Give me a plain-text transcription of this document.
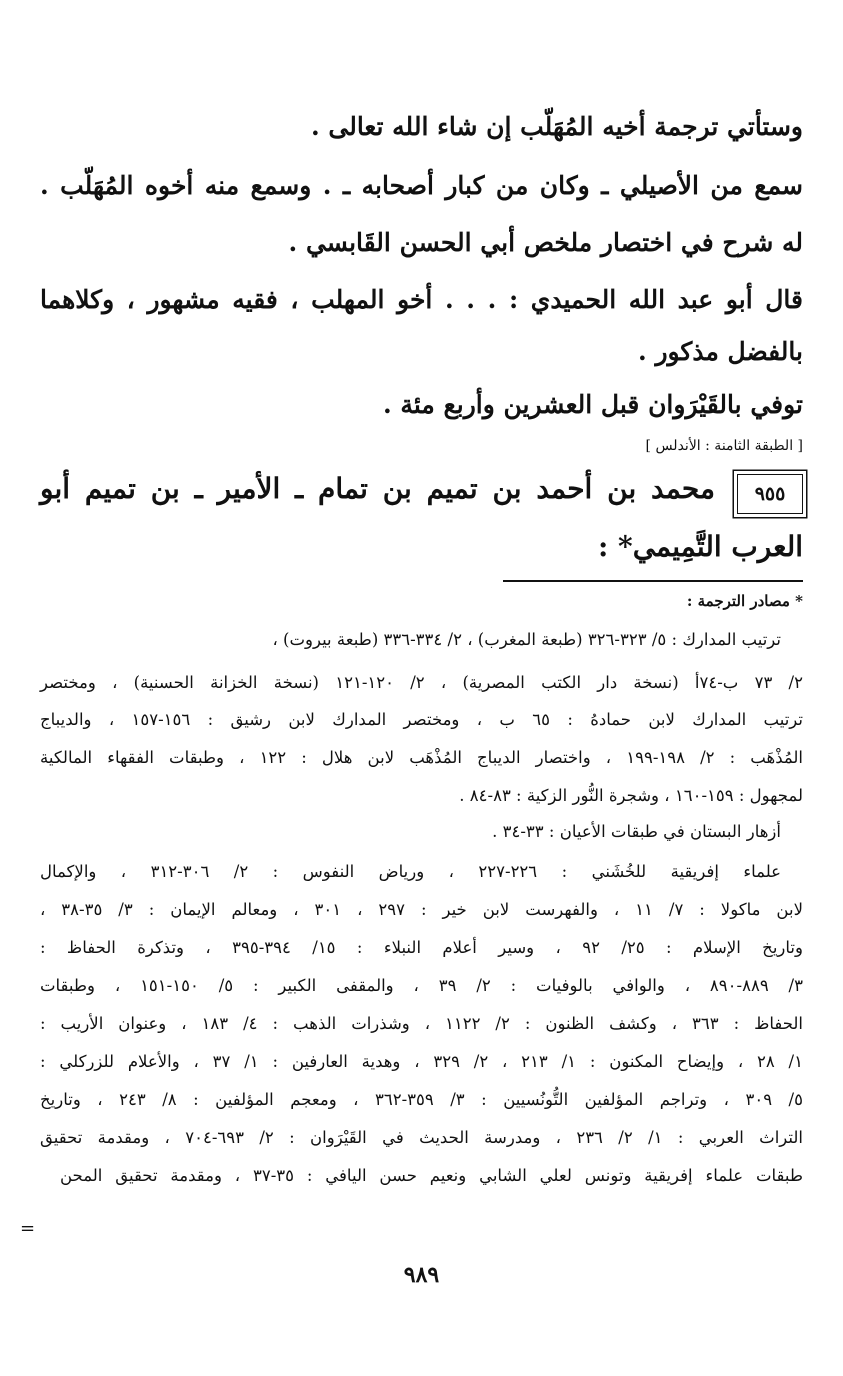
وستأتي ترجمة أخيه المُهَلّب إن شاء الله تعالى .
سمع من الأصيلي ـ وكان من كبار أصحابه ـ . وسمع منه أخوه المُهَلّب .
له شرح في اختصار ملخص أبي الحسن القَابسي .
قال أبو عبد الله الحميدي : . . . أخو المهلب ، فقيه مشهور ، وكلاهما
بالفضل مذكور .
توفي بالقَيْرَوان قبل العشرين وأربع مئة .
[ الطبقة الثامنة : الأندلس ]
٩٥٥
محمد بن أحمد بن تميم بن تمام ـ الأمير ـ بن تميم أبو
العرب التَّمِيمي* :
* مصادر الترجمة :
ترتيب المدارك : ٥/ ٣٢٣-٣٢٦ (طبعة المغرب) ، ٢/ ٣٣٤-٣٣٦ (طبعة بيروت) ،
٢/ ٧٣ ب-٧٤أ (نسخة دار الكتب المصرية) ، ٢/ ١٢٠-١٢١ (نسخة الخزانة الحسنية) ، ومختصر
ترتيب المدارك لابن حمادهُ : ٦٥ ب ، ومختصر المدارك لابن رشيق : ١٥٦-١٥٧ ، والديباج
المُذْهَب : ٢/ ١٩٨-١٩٩ ، واختصار الديباج المُذْهَب لابن هلال : ١٢٢ ، وطبقات الفقهاء المالكية
لمجهول : ١٥٩-١٦٠ ، وشجرة النُّور الزكية : ٨٣-٨٤ .
أزهار البستان في طبقات الأعيان : ٣٣-٣٤ .
علماء إفريقية للخُشَني : ٢٢٦-٢٢٧ ، ورياض النفوس : ٢/ ٣٠٦-٣١٢ ، والإكمال
لابن ماكولا : ٧/ ١١ ، والفهرست لابن خير : ٢٩٧ ، ٣٠١ ، ومعالم الإيمان : ٣/ ٣٥-٣٨ ،
وتاريخ الإسلام : ٢٥/ ٩٢ ، وسير أعلام النبلاء : ١٥/ ٣٩٤-٣٩٥ ، وتذكرة الحفاظ :
٣/ ٨٨٩-٨٩٠ ، والوافي بالوفيات : ٢/ ٣٩ ، والمقفى الكبير : ٥/ ١٥٠-١٥١ ، وطبقات
الحفاظ : ٣٦٣ ، وكشف الظنون : ٢/ ١١٢٢ ، وشذرات الذهب : ٤/ ١٨٣ ، وعنوان الأريب :
١/ ٢٨ ، وإيضاح المكنون : ١/ ٢١٣ ، ٢/ ٣٢٩ ، وهدية العارفين : ١/ ٣٧ ، والأعلام للزركلي :
٥/ ٣٠٩ ، وتراجم المؤلفين التُّونُسيين : ٣/ ٣٥٩-٣٦٢ ، ومعجم المؤلفين : ٨/ ٢٤٣ ، وتاريخ
التراث العربي : ١/ ٢/ ٢٣٦ ، ومدرسة الحديث في القَيْرَوان : ٢/ ٦٩٣-٧٠٤ ، ومقدمة تحقيق
طبقات علماء إفريقية وتونس لعلي الشابي ونعيم حسن اليافي : ٣٥-٣٧ ، ومقدمة تحقيق المحن
=
٩٨٩
